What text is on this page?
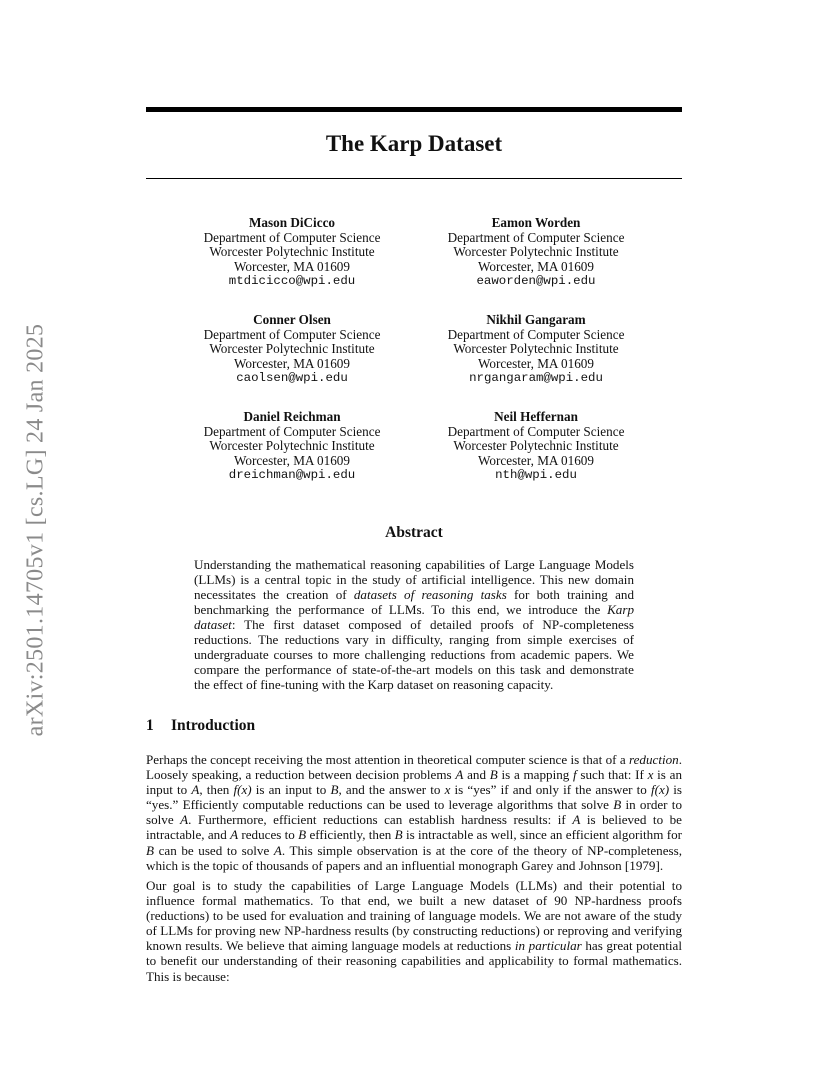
arXiv:2501.14705v1 [cs.LG] 24 Jan 2025
The Karp Dataset
Mason DiCicco
Department of Computer Science
Worcester Polytechnic Institute
Worcester, MA 01609
mtdicicco@wpi.edu
Eamon Worden
Department of Computer Science
Worcester Polytechnic Institute
Worcester, MA 01609
eaworden@wpi.edu
Conner Olsen
Department of Computer Science
Worcester Polytechnic Institute
Worcester, MA 01609
caolsen@wpi.edu
Nikhil Gangaram
Department of Computer Science
Worcester Polytechnic Institute
Worcester, MA 01609
nrgangaram@wpi.edu
Daniel Reichman
Department of Computer Science
Worcester Polytechnic Institute
Worcester, MA 01609
dreichman@wpi.edu
Neil Heffernan
Department of Computer Science
Worcester Polytechnic Institute
Worcester, MA 01609
nth@wpi.edu
Abstract
Understanding the mathematical reasoning capabilities of Large Language Models (LLMs) is a central topic in the study of artificial intelligence. This new domain necessitates the creation of datasets of reasoning tasks for both training and benchmarking the performance of LLMs. To this end, we introduce the Karp dataset: The first dataset composed of detailed proofs of NP-completeness reductions. The reductions vary in difficulty, ranging from simple exercises of undergraduate courses to more challenging reductions from academic papers. We compare the performance of state-of-the-art models on this task and demonstrate the effect of fine-tuning with the Karp dataset on reasoning capacity.
1 Introduction
Perhaps the concept receiving the most attention in theoretical computer science is that of a reduction. Loosely speaking, a reduction between decision problems A and B is a mapping f such that: If x is an input to A, then f(x) is an input to B, and the answer to x is “yes” if and only if the answer to f(x) is “yes.” Efficiently computable reductions can be used to leverage algorithms that solve B in order to solve A. Furthermore, efficient reductions can establish hardness results: if A is believed to be intractable, and A reduces to B efficiently, then B is intractable as well, since an efficient algorithm for B can be used to solve A. This simple observation is at the core of the theory of NP-completeness, which is the topic of thousands of papers and an influential monograph Garey and Johnson [1979].
Our goal is to study the capabilities of Large Language Models (LLMs) and their potential to influence formal mathematics. To that end, we built a new dataset of 90 NP-hardness proofs (reductions) to be used for evaluation and training of language models. We are not aware of the study of LLMs for proving new NP-hardness results (by constructing reductions) or reproving and verifying known results. We believe that aiming language models at reductions in particular has great potential to benefit our understanding of their reasoning capabilities and applicability to formal mathematics. This is because:
